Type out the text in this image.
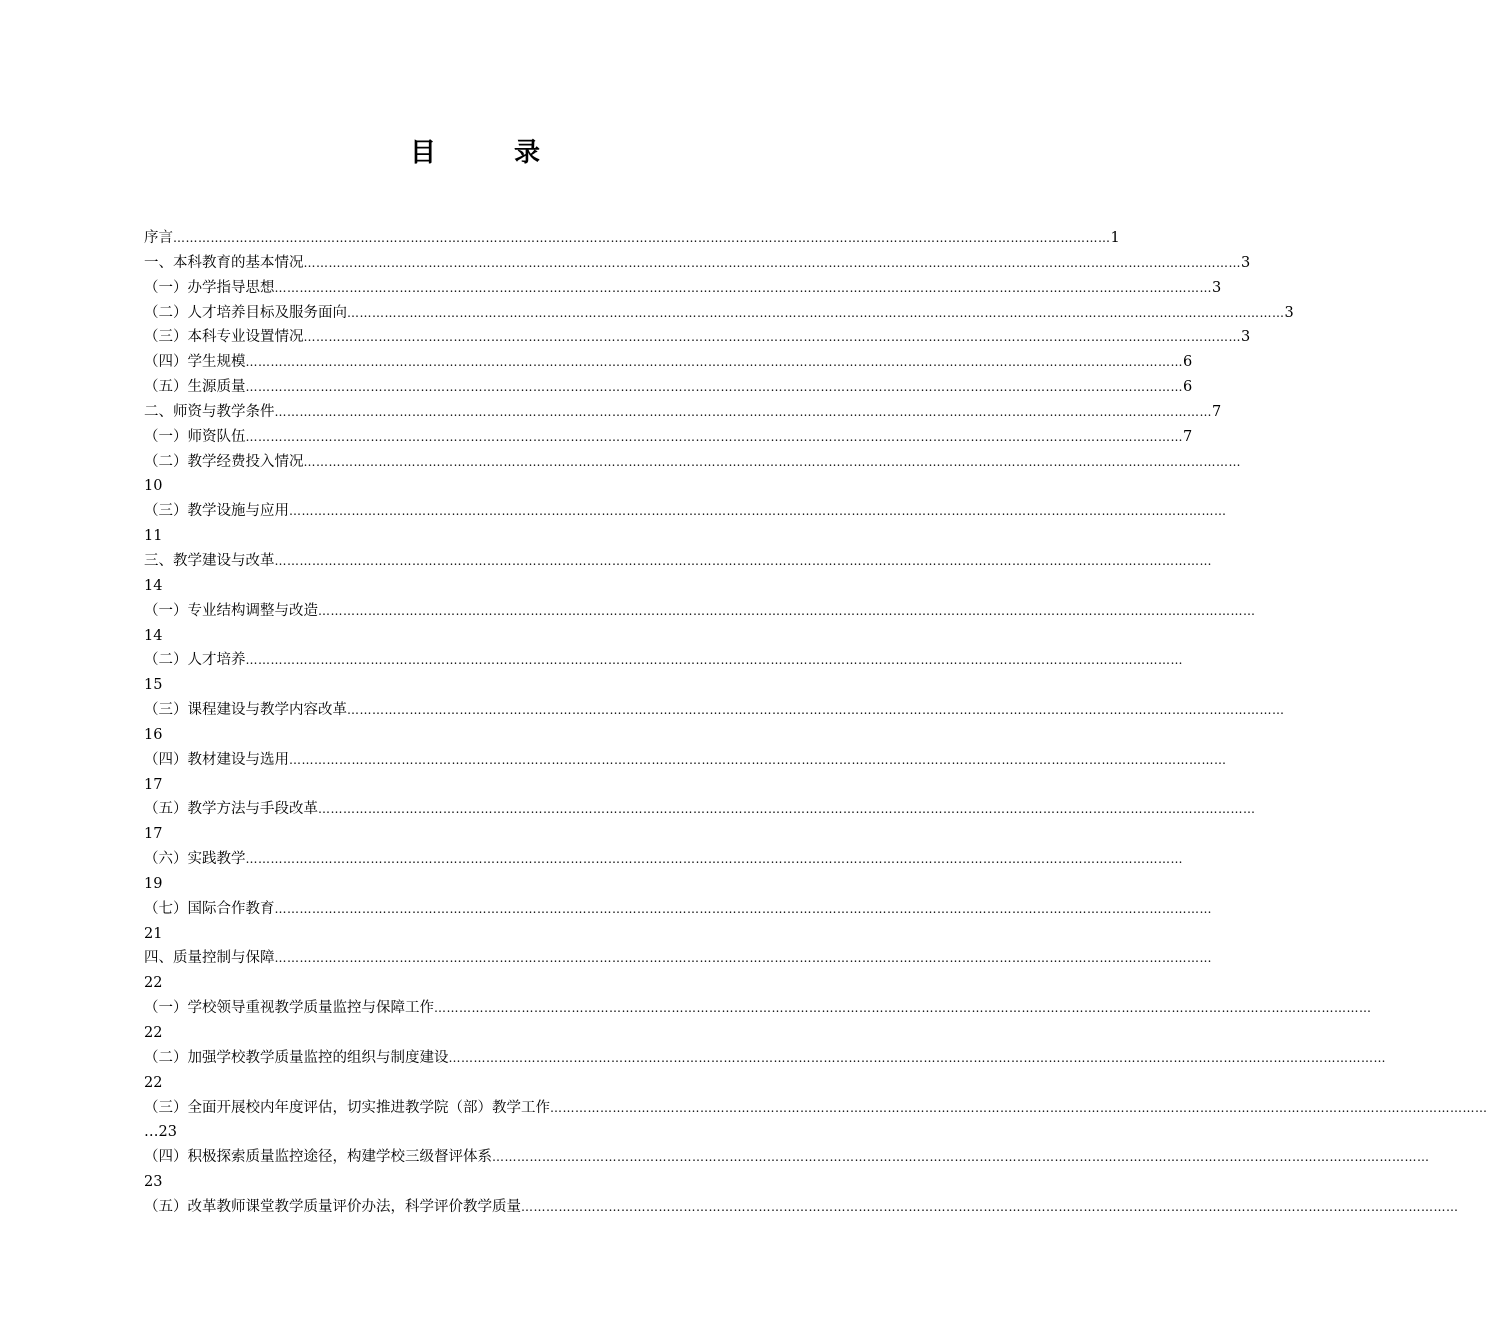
目	录
序言 ……………………………………………………………………………………………………………………………………………………………………………………………………… 1
一、本科教育的基本情况 ……………………………………………………………………………………………………………………………………………………………………………………………………… 3
（一）办学指导思想 ……………………………………………………………………………………………………………………………………………………………………………………………………… 3
（二）人才培养目标及服务面向 ……………………………………………………………………………………………………………………………………………………………………………………………………… 3
（三）本科专业设置情况 ……………………………………………………………………………………………………………………………………………………………………………………………………… 3
（四）学生规模 ……………………………………………………………………………………………………………………………………………………………………………………………………… 6
（五）生源质量 ……………………………………………………………………………………………………………………………………………………………………………………………………… 6
二、师资与教学条件 ……………………………………………………………………………………………………………………………………………………………………………………………………… 7
（一）师资队伍 ……………………………………………………………………………………………………………………………………………………………………………………………………… 7
（二）教学经费投入情况 ………………………………………………………………………………………………………………………………………………………………………………………………………
10
（三）教学设施与应用 ………………………………………………………………………………………………………………………………………………………………………………………………………
11
三、教学建设与改革 ………………………………………………………………………………………………………………………………………………………………………………………………………
14
（一）专业结构调整与改造 ………………………………………………………………………………………………………………………………………………………………………………………………………
14
（二）人才培养 ………………………………………………………………………………………………………………………………………………………………………………………………………
15
（三）课程建设与教学内容改革 ………………………………………………………………………………………………………………………………………………………………………………………………………
16
（四）教材建设与选用 ………………………………………………………………………………………………………………………………………………………………………………………………………
17
（五）教学方法与手段改革 ………………………………………………………………………………………………………………………………………………………………………………………………………
17
（六）实践教学 ………………………………………………………………………………………………………………………………………………………………………………………………………
19
（七）国际合作教育 ………………………………………………………………………………………………………………………………………………………………………………………………………
21
四、质量控制与保障 ………………………………………………………………………………………………………………………………………………………………………………………………………
22
（一）学校领导重视教学质量监控与保障工作 ………………………………………………………………………………………………………………………………………………………………………………………………………
22
（二）加强学校教学质量监控的组织与制度建设 ………………………………………………………………………………………………………………………………………………………………………………………………………
22
（三）全面开展校内年度评估，切实推进教学院（部）教学工作 ………………………………………………………………………………………………………………………………………………………………………………………………………
…23
（四）积极探索质量监控途径，构建学校三级督评体系 ………………………………………………………………………………………………………………………………………………………………………………………………………
23
（五）改革教师课堂教学质量评价办法，科学评价教学质量 ………………………………………………………………………………………………………………………………………………………………………………………………………
